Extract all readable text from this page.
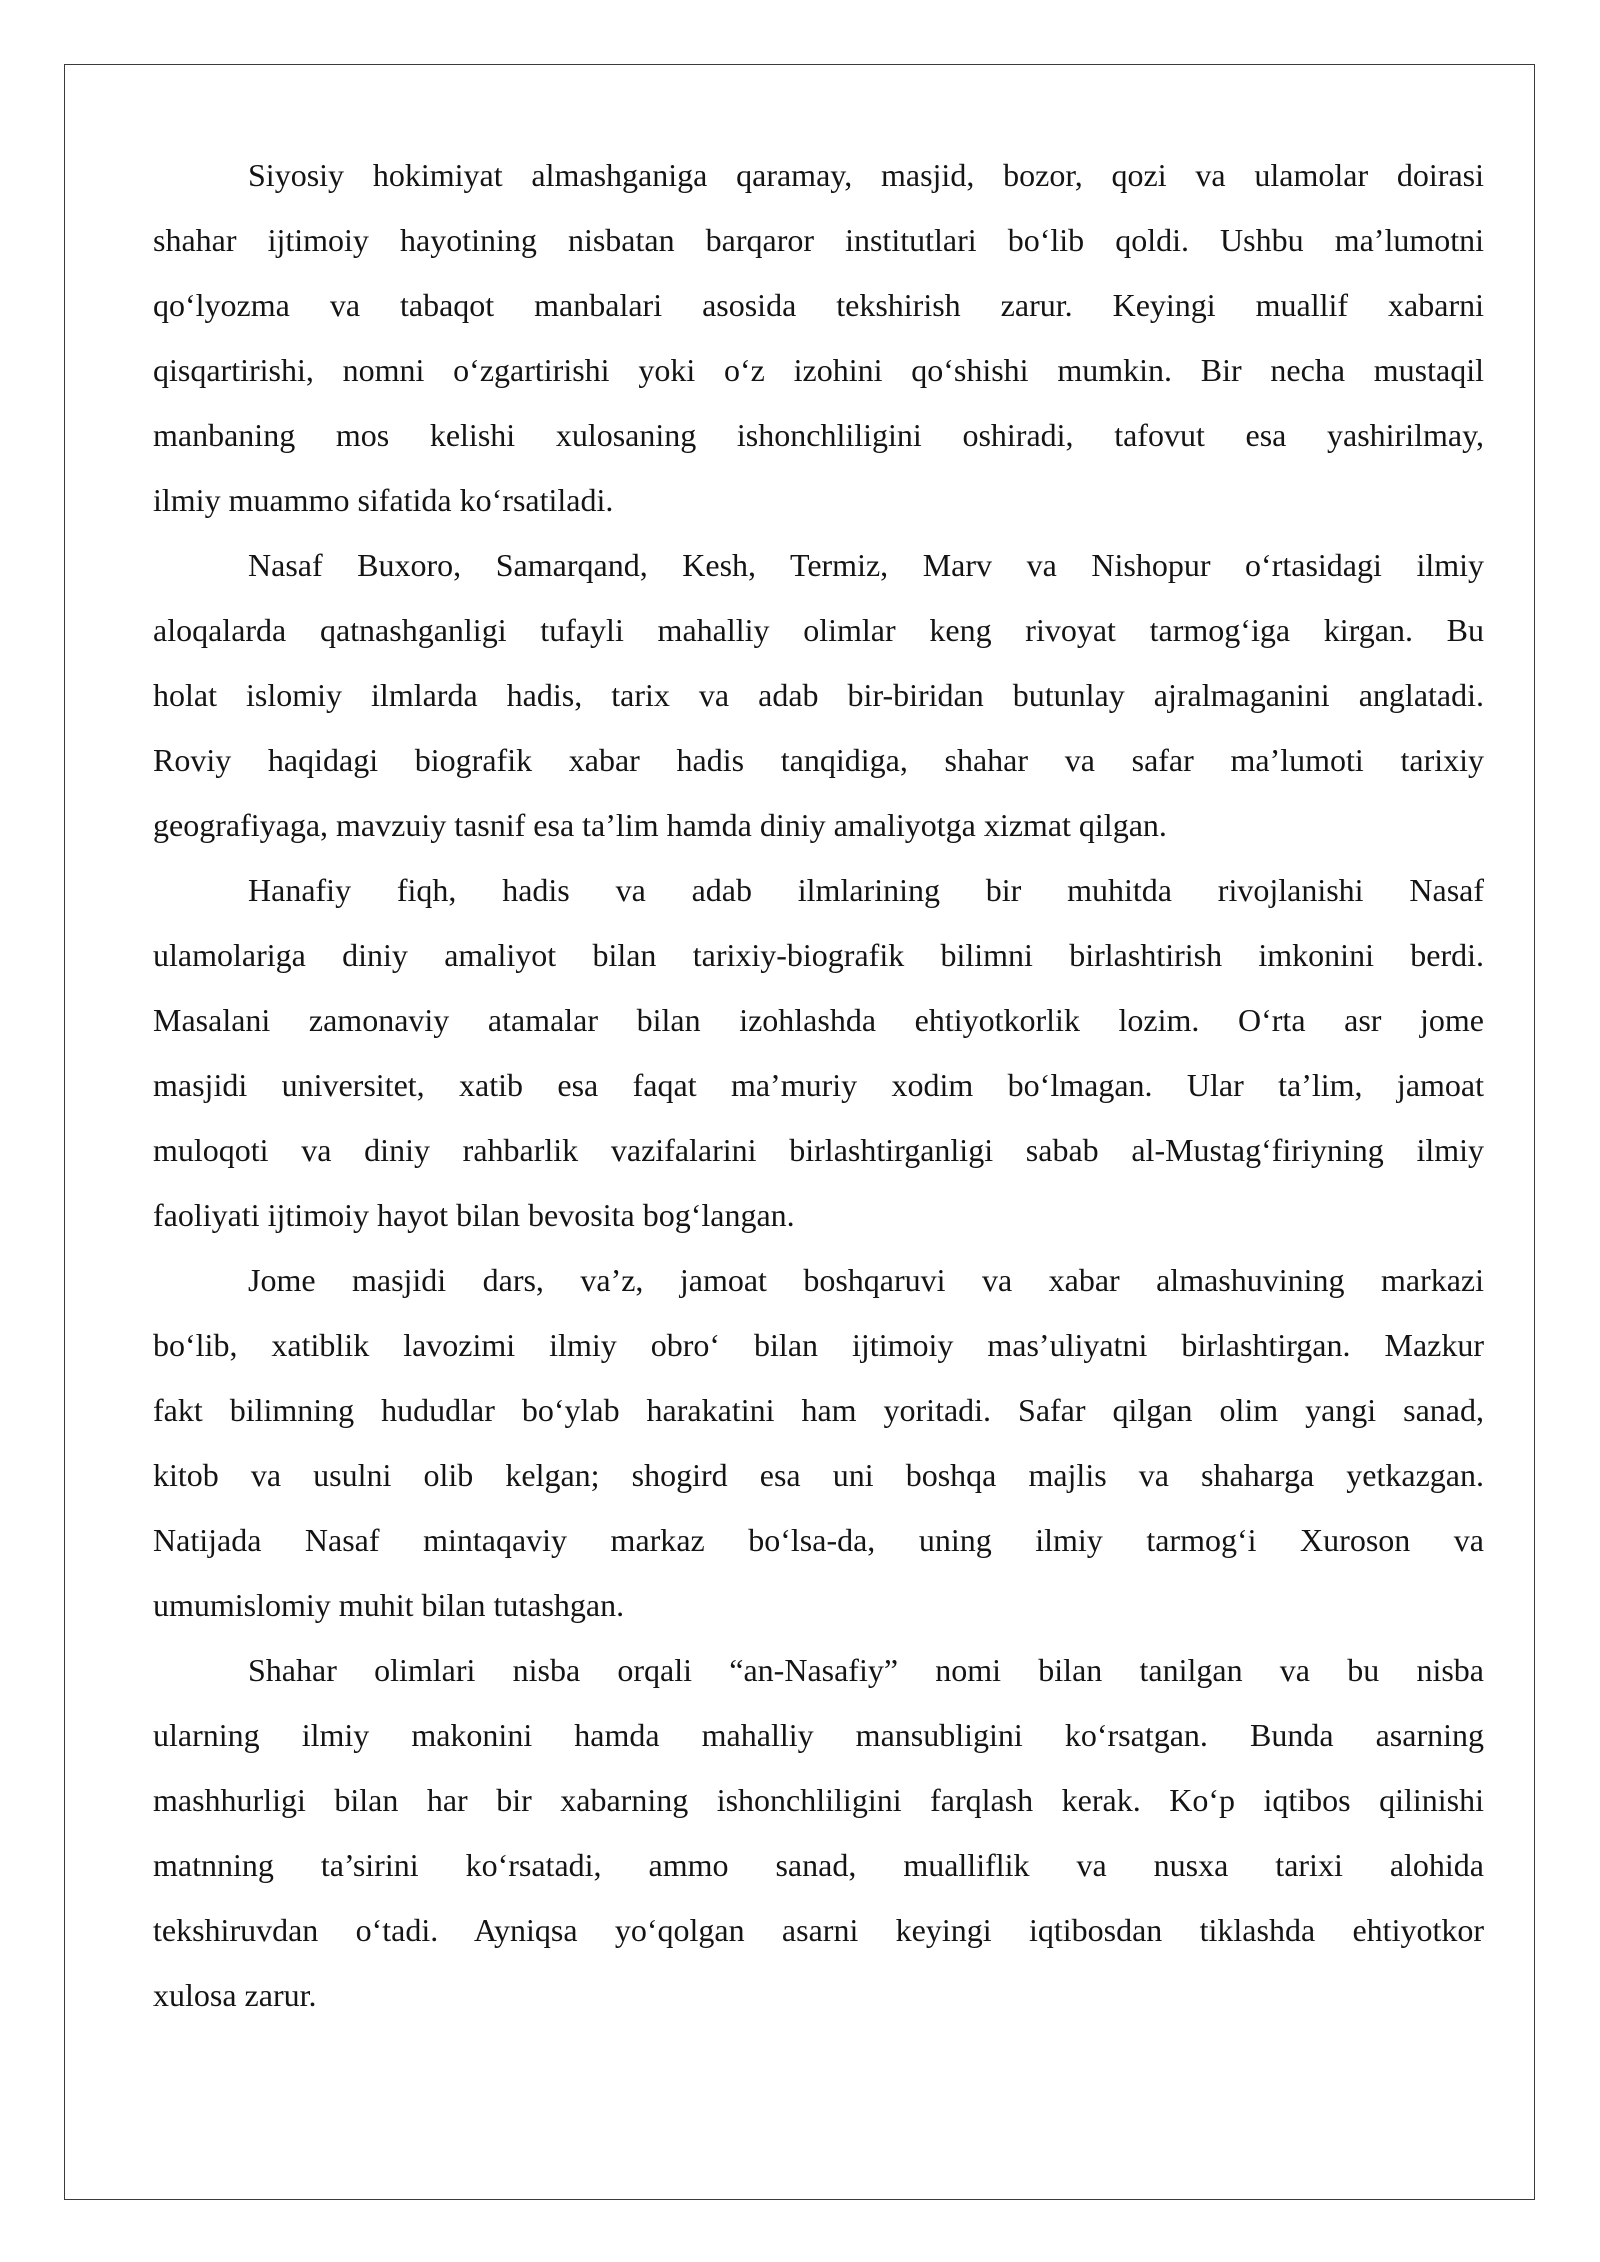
Siyosiy hokimiyat almashganiga qaramay, masjid, bozor, qozi va ulamolar doirasi
shahar ijtimoiy hayotining nisbatan barqaror institutlari bo‘lib qoldi. Ushbu ma’lumotni
qo‘lyozma va tabaqot manbalari asosida tekshirish zarur. Keyingi muallif xabarni
qisqartirishi, nomni o‘zgartirishi yoki o‘z izohini qo‘shishi mumkin. Bir necha mustaqil
manbaning mos kelishi xulosaning ishonchliligini oshiradi, tafovut esa yashirilmay,
ilmiy muammo sifatida ko‘rsatiladi.
Nasaf Buxoro, Samarqand, Kesh, Termiz, Marv va Nishopur o‘rtasidagi ilmiy
aloqalarda qatnashganligi tufayli mahalliy olimlar keng rivoyat tarmog‘iga kirgan. Bu
holat islomiy ilmlarda hadis, tarix va adab bir-biridan butunlay ajralmaganini anglatadi.
Roviy haqidagi biografik xabar hadis tanqidiga, shahar va safar ma’lumoti tarixiy
geografiyaga, mavzuiy tasnif esa ta’lim hamda diniy amaliyotga xizmat qilgan.
Hanafiy fiqh, hadis va adab ilmlarining bir muhitda rivojlanishi Nasaf
ulamolariga diniy amaliyot bilan tarixiy-biografik bilimni birlashtirish imkonini berdi.
Masalani zamonaviy atamalar bilan izohlashda ehtiyotkorlik lozim. O‘rta asr jome
masjidi universitet, xatib esa faqat ma’muriy xodim bo‘lmagan. Ular ta’lim, jamoat
muloqoti va diniy rahbarlik vazifalarini birlashtirganligi sabab al-Mustag‘firiyning ilmiy
faoliyati ijtimoiy hayot bilan bevosita bog‘langan.
Jome masjidi dars, va’z, jamoat boshqaruvi va xabar almashuvining markazi
bo‘lib, xatiblik lavozimi ilmiy obro‘ bilan ijtimoiy mas’uliyatni birlashtirgan. Mazkur
fakt bilimning hududlar bo‘ylab harakatini ham yoritadi. Safar qilgan olim yangi sanad,
kitob va usulni olib kelgan; shogird esa uni boshqa majlis va shaharga yetkazgan.
Natijada Nasaf mintaqaviy markaz bo‘lsa-da, uning ilmiy tarmog‘i Xuroson va
umumislomiy muhit bilan tutashgan.
Shahar olimlari nisba orqali “an-Nasafiy” nomi bilan tanilgan va bu nisba
ularning ilmiy makonini hamda mahalliy mansubligini ko‘rsatgan. Bunda asarning
mashhurligi bilan har bir xabarning ishonchliligini farqlash kerak. Ko‘p iqtibos qilinishi
matnning ta’sirini ko‘rsatadi, ammo sanad, mualliflik va nusxa tarixi alohida
tekshiruvdan o‘tadi. Ayniqsa yo‘qolgan asarni keyingi iqtibosdan tiklashda ehtiyotkor
xulosa zarur.
